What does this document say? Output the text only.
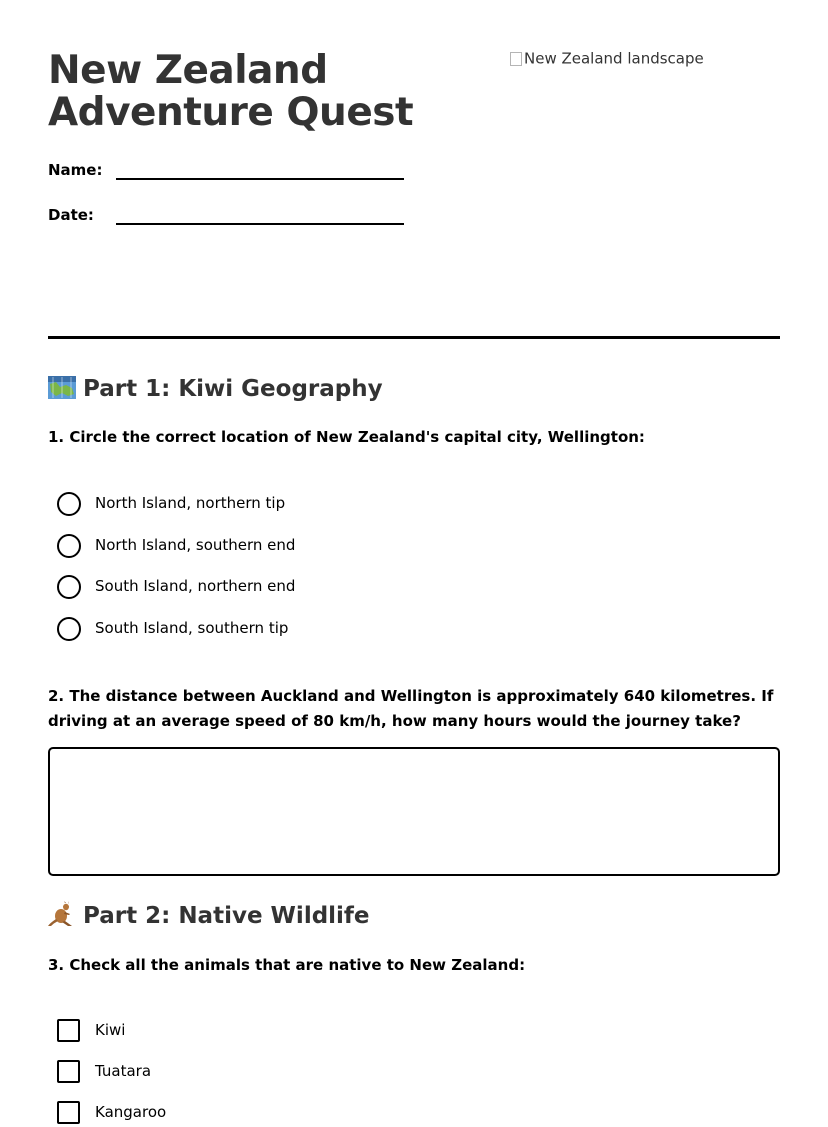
New Zealand Adventure Quest
New Zealand landscape
Name:
Date:
Part 1: Kiwi Geography
1. Circle the correct location of New Zealand's capital city, Wellington:
North Island, northern tip
North Island, southern end
South Island, northern end
South Island, southern tip
2. The distance between Auckland and Wellington is approximately 640 kilometres. If driving at an average speed of 80 km/h, how many hours would the journey take?
Part 2: Native Wildlife
3. Check all the animals that are native to New Zealand:
Kiwi
Tuatara
Kangaroo
